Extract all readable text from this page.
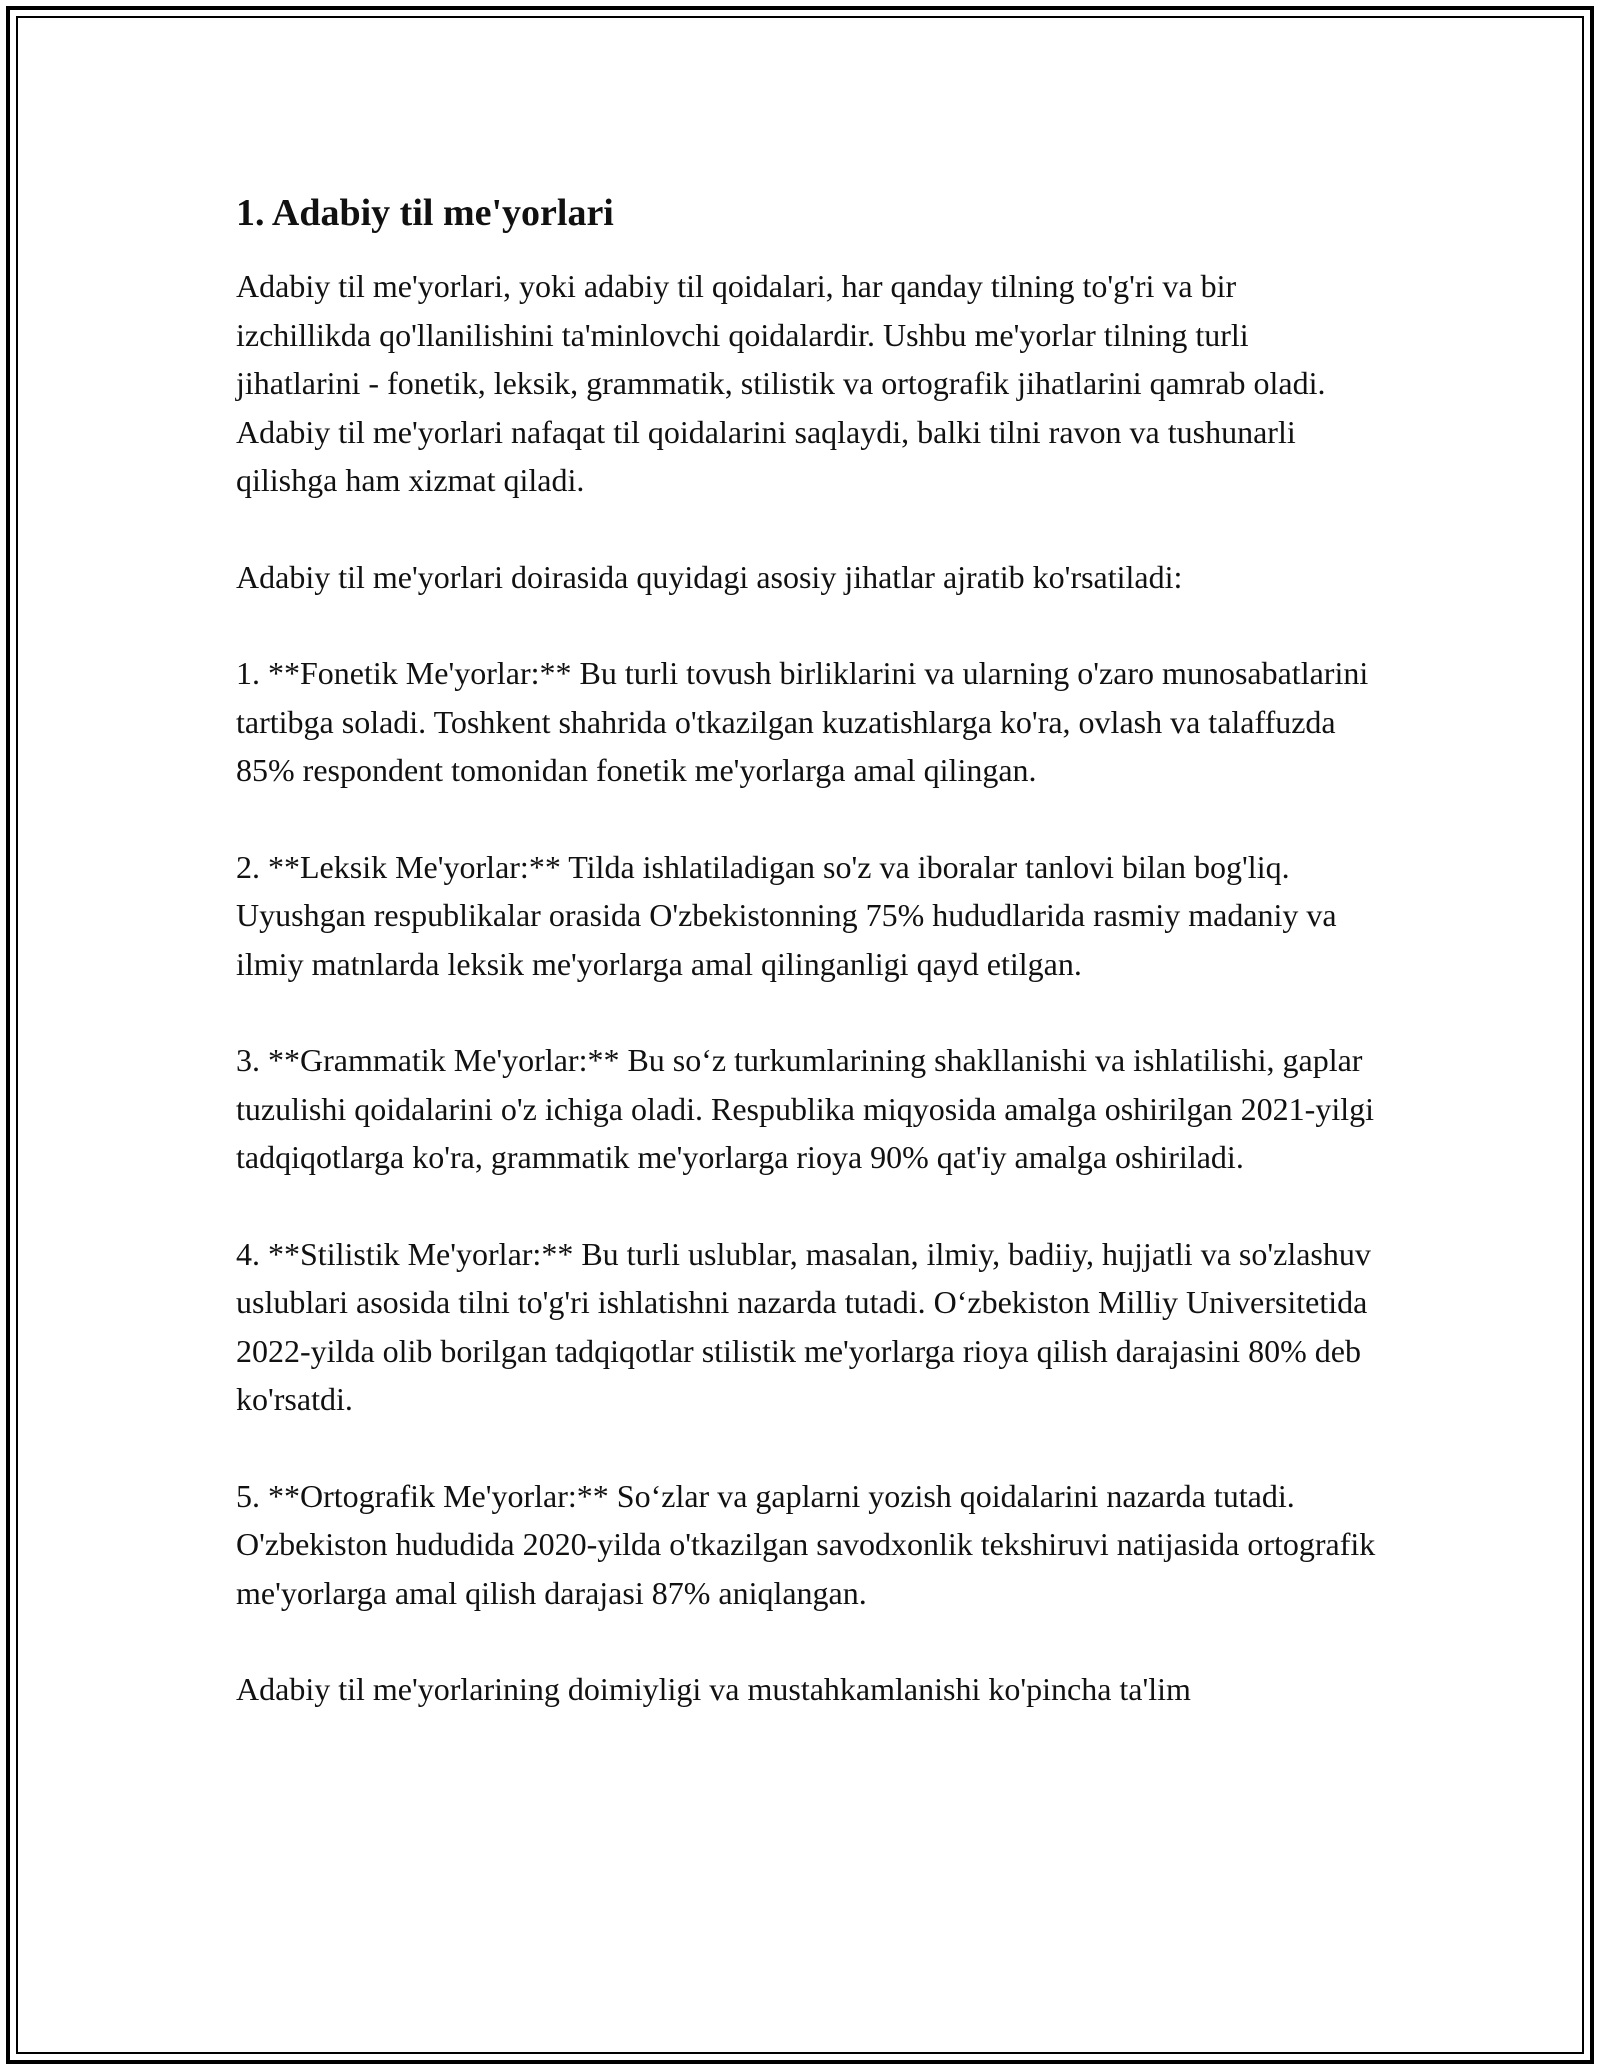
1. Adabiy til me'yorlari

Adabiy til me'yorlari, yoki adabiy til qoidalari, har qanday tilning to'g'ri va bir izchillikda qo'llanilishini ta'minlovchi qoidalardir. Ushbu me'yorlar tilning turli jihatlarini - fonetik, leksik, grammatik, stilistik va ortografik jihatlarini qamrab oladi. Adabiy til me'yorlari nafaqat til qoidalarini saqlaydi, balki tilni ravon va tushunarli qilishga ham xizmat qiladi.

Adabiy til me'yorlari doirasida quyidagi asosiy jihatlar ajratib ko'rsatiladi:

1. **Fonetik Me'yorlar:** Bu turli tovush birliklarini va ularning o'zaro munosabatlarini tartibga soladi. Toshkent shahrida o'tkazilgan kuzatishlarga ko'ra, ovlash va talaffuzda 85% respondent tomonidan fonetik me'yorlarga amal qilingan.

2. **Leksik Me'yorlar:** Tilda ishlatiladigan so'z va iboralar tanlovi bilan bog'liq. Uyushgan respublikalar orasida O'zbekistonning 75% hududlarida rasmiy madaniy va ilmiy matnlarda leksik me'yorlarga amal qilinganligi qayd etilgan.

3. **Grammatik Me'yorlar:** Bu so‘z turkumlarining shakllanishi va ishlatilishi, gaplar tuzulishi qoidalarini o'z ichiga oladi. Respublika miqyosida amalga oshirilgan 2021-yilgi tadqiqotlarga ko'ra, grammatik me'yorlarga rioya 90% qat'iy amalga oshiriladi.

4. **Stilistik Me'yorlar:** Bu turli uslublar, masalan, ilmiy, badiiy, hujjatli va so'zlashuv uslublari asosida tilni to'g'ri ishlatishni nazarda tutadi. O‘zbekiston Milliy Universitetida 2022-yilda olib borilgan tadqiqotlar stilistik me'yorlarga rioya qilish darajasini 80% deb ko'rsatdi.

5. **Ortografik Me'yorlar:** So‘zlar va gaplarni yozish qoidalarini nazarda tutadi. O'zbekiston hududida 2020-yilda o'tkazilgan savodxonlik tekshiruvi natijasida ortografik me'yorlarga amal qilish darajasi 87% aniqlangan.

Adabiy til me'yorlarining doimiyligi va mustahkamlanishi ko'pincha ta'lim
